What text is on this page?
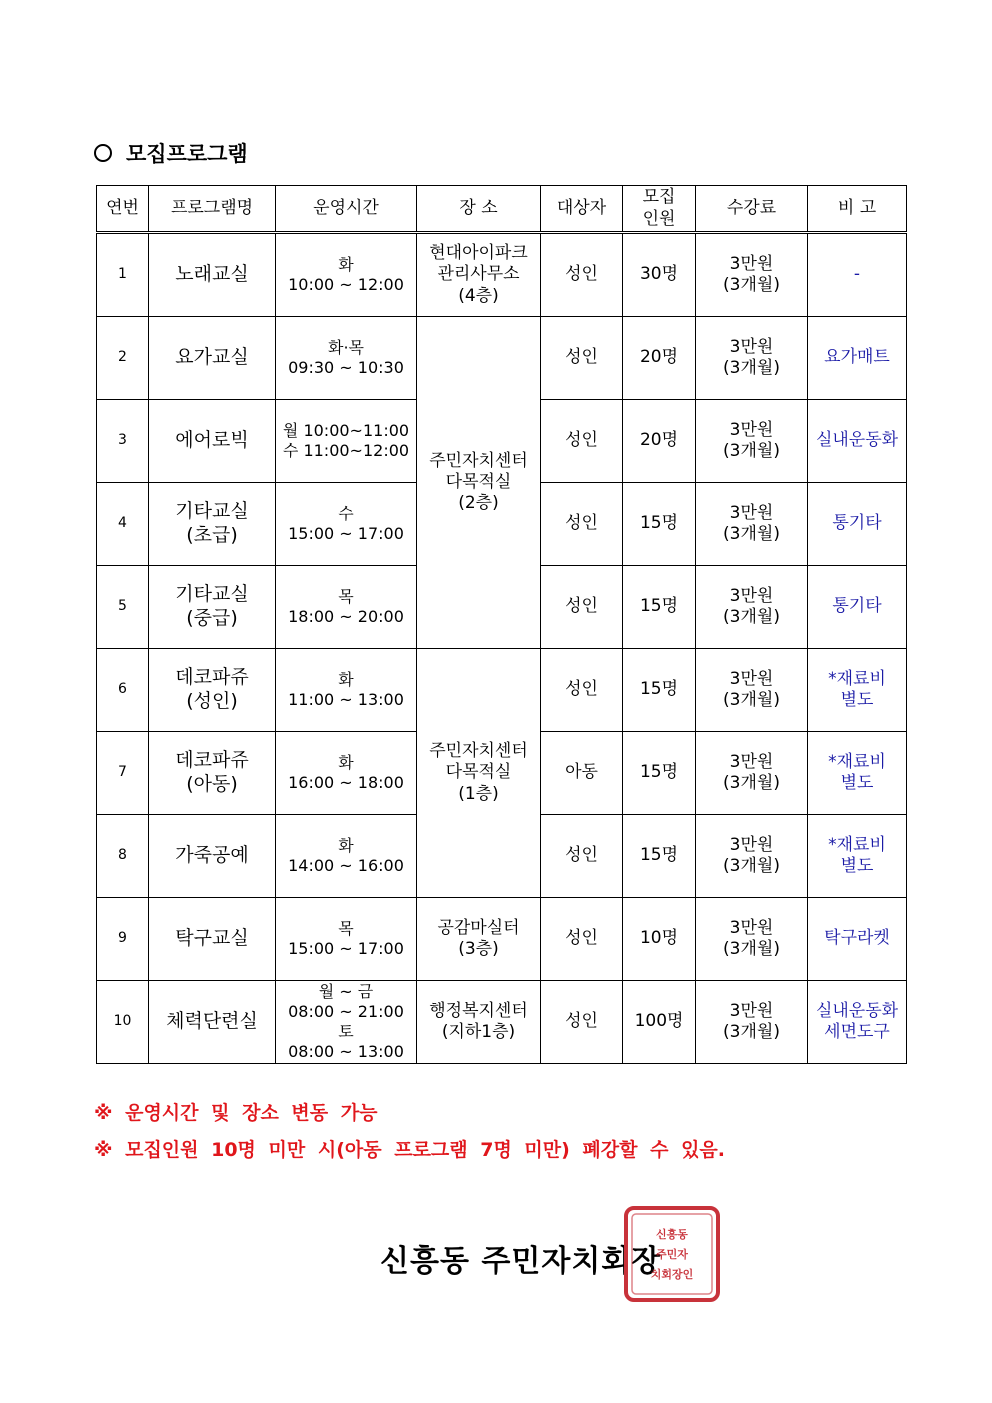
모집프로그램
연번	프로그램명	운영시간	장 소	대상자	모집
인원	수강료	비 고
1	노래교실	화
10:00 ~ 12:00	현대아이파크
관리사무소
(4층)	성인	30명	3만원
(3개월)	-

2	요가교실	화·목
09:30 ~ 10:30	주민자치센터
다목적실
(2층)	성인	20명	3만원
(3개월)	요가매트

3	에어로빅	월 10:00~11:00
수 11:00~12:00		성인	20명	3만원
(3개월)	실내운동화

4	기타교실
(초급)	수
15:00 ~ 17:00		성인	15명	3만원
(3개월)	통기타

5	기타교실
(중급)	목
18:00 ~ 20:00		성인	15명	3만원
(3개월)	통기타

6	데코파쥬
(성인)	화
11:00 ~ 13:00	주민자치센터
다목적실
(1층)	성인	15명	3만원
(3개월)	*재료비
별도

7	데코파쥬
(아동)	화
16:00 ~ 18:00		아동	15명	3만원
(3개월)	*재료비
별도

8	가죽공예	화
14:00 ~ 16:00		성인	15명	3만원
(3개월)	*재료비
별도

9	탁구교실	목
15:00 ~ 17:00	공감마실터
(3층)	성인	10명	3만원
(3개월)	탁구라켓

10	체력단련실	월 ~ 금
08:00 ~ 21:00
토
08:00 ~ 13:00	행정복지센터
(지하1층)	성인	100명	3만원
(3개월)	실내운동화
세면도구
※ 운영시간 및 장소 변동 가능
※ 모집인원 10명 미만 시(아동 프로그램 7명 미만) 폐강할 수 있음.
신흥동 주민자치회장
신흥동 주민자 치회장인
